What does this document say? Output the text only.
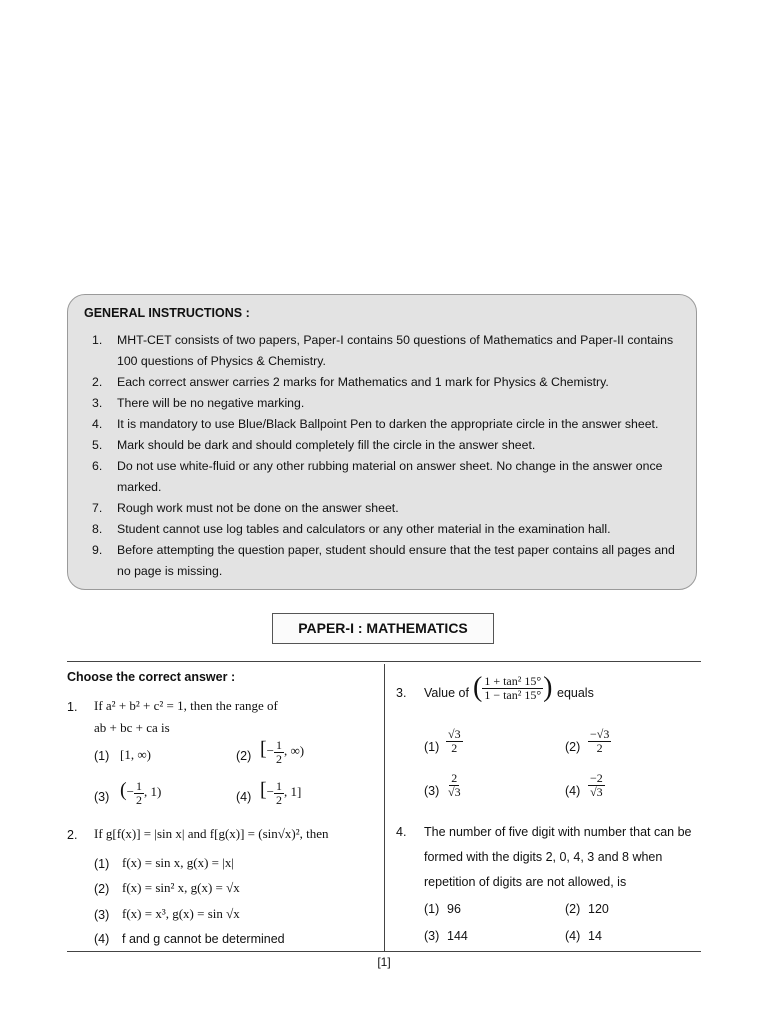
GENERAL INSTRUCTIONS :
1.	MHT-CET consists of two papers, Paper-I contains 50 questions of Mathematics and Paper-II contains 100 questions of Physics & Chemistry.
2.	Each correct answer carries 2 marks for Mathematics and 1 mark for Physics & Chemistry.
3.	There will be no negative marking.
4.	It is mandatory to use Blue/Black Ballpoint Pen to darken the appropriate circle in the answer sheet.
5.	Mark should be dark and should completely fill the circle in the answer sheet.
6.	Do not use white-fluid or any other rubbing material on answer sheet. No change in the answer once marked.
7.	Rough work must not be done on the answer sheet.
8.	Student cannot use log tables and calculators or any other material in the examination hall.
9.	Before attempting the question paper, student should ensure that the test paper contains all pages and no page is missing.
PAPER-I : MATHEMATICS
Choose the correct answer :
1. If a² + b² + c² = 1, then the range of
ab + bc + ca is
(1) [1, ∞)	(2) [− $\frac{1}{2}$ , ∞)
(3) (− $\frac{1}{2}$ , 1)	(4) [− $\frac{1}{2}$ , 1]
2. If g[f(x)] = |sin x| and f[g(x)] = (sin√x)², then
(1) f(x) = sin x, g(x) = |x|
(2) f(x) = sin² x, g(x) = √x
(3) f(x) = x³, g(x) = sin √x
(4) f and g cannot be determined
3. Value of ( $\frac{\text{1 + tan² 15°}}{\text{1 − tan² 15°}}$ ) equals
$(1) \frac{√3}{2}$	$(2) \frac{-√3}{2}$
$(3) \frac{2}{√3}$	$(4) \frac{-2}{√3}$
4. The number of five digit with number that can be
formed with the digits 2, 0, 4, 3 and 8 when
repetition of digits are not allowed, is
(1) 96	(2) 120
(3) 144	(4) 14
[1]
